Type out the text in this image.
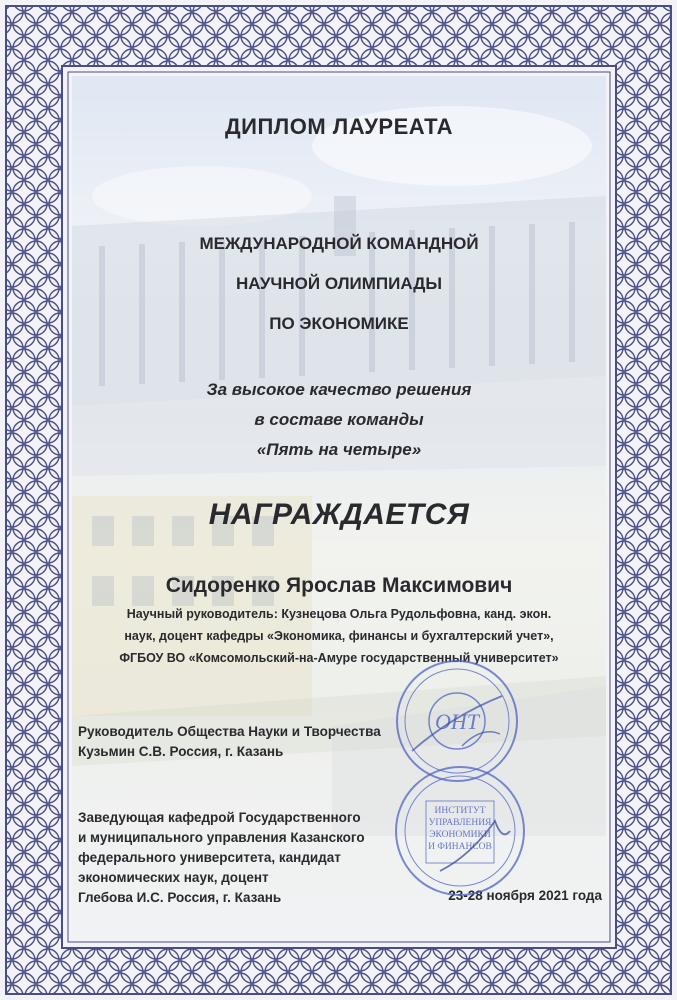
ДИПЛОМ ЛАУРЕАТА
МЕЖДУНАРОДНОЙ КОМАНДНОЙ
НАУЧНОЙ ОЛИМПИАДЫ
ПО ЭКОНОМИКЕ
За высокое качество решения
в составе команды
«Пять на четыре»
НАГРАЖДАЕТСЯ
Сидоренко Ярослав Максимович
Научный руководитель: Кузнецова Ольга Рудольфовна, канд. экон.
наук, доцент кафедры «Экономика, финансы и бухгалтерский учет»,
ФГБОУ ВО «Комсомольский-на-Амуре государственный университет»
Руководитель Общества Науки и Творчества
Кузьмин С.В. Россия, г. Казань
Заведующая кафедрой Государственного
и муниципального управления Казанского
федерального университета, кандидат
экономических наук, доцент
Глебова И.С. Россия, г. Казань	23-28 ноября 2021 года
ОНТ
ИНСТИТУТ УПРАВЛЕНИЯ ЭКОНОМИКИ И ФИНАНСОВ
